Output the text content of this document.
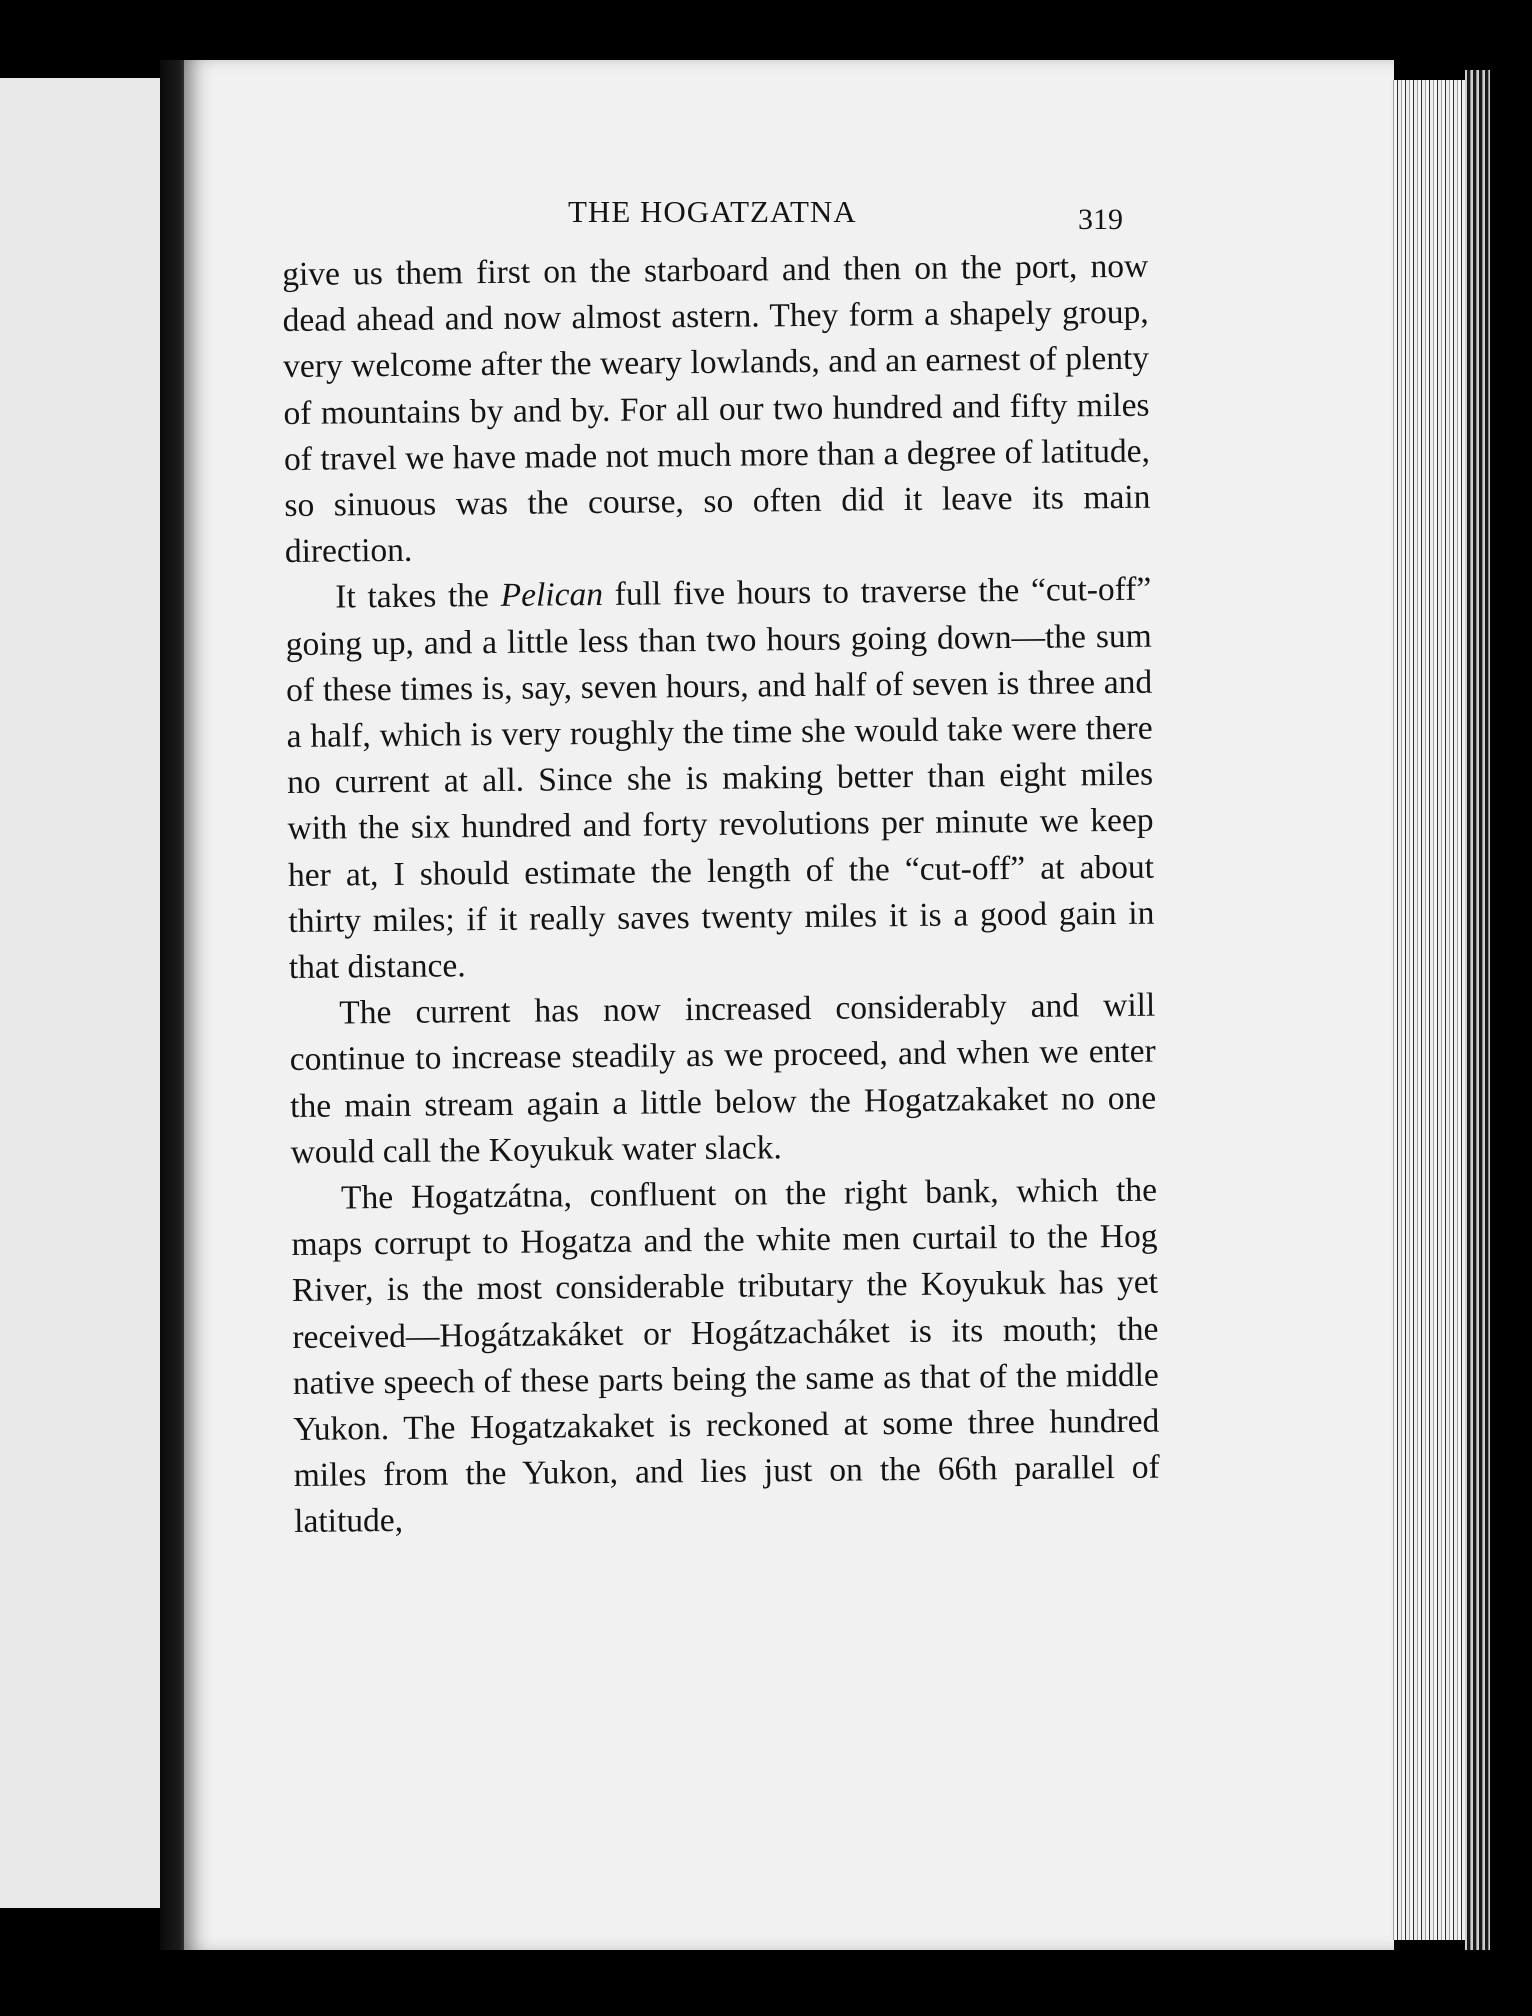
THE HOGATZATNA	319

give us them first on the starboard and then on the port, now dead ahead and now almost astern. They form a shapely group, very welcome after the weary lowlands, and an earnest of plenty of mountains by and by. For all our two hundred and fifty miles of travel we have made not much more than a degree of latitude, so sinuous was the course, so often did it leave its main direction.

It takes the Pelican full five hours to traverse the “cut-off” going up, and a little less than two hours going down—the sum of these times is, say, seven hours, and half of seven is three and a half, which is very roughly the time she would take were there no current at all. Since she is making better than eight miles with the six hundred and forty revolutions per minute we keep her at, I should estimate the length of the “cut-off” at about thirty miles; if it really saves twenty miles it is a good gain in that distance.

The current has now increased considerably and will continue to increase steadily as we proceed, and when we enter the main stream again a little below the Hogatzakaket no one would call the Koyukuk water slack.

The Hogatzátna, confluent on the right bank, which the maps corrupt to Hogatza and the white men curtail to the Hog River, is the most considerable tributary the Koyukuk has yet received—Hogátzakáket or Hogátzacháket is its mouth; the native speech of these parts being the same as that of the middle Yukon. The Hogatzakaket is reckoned at some three hundred miles from the Yukon, and lies just on the 66th parallel of latitude,
